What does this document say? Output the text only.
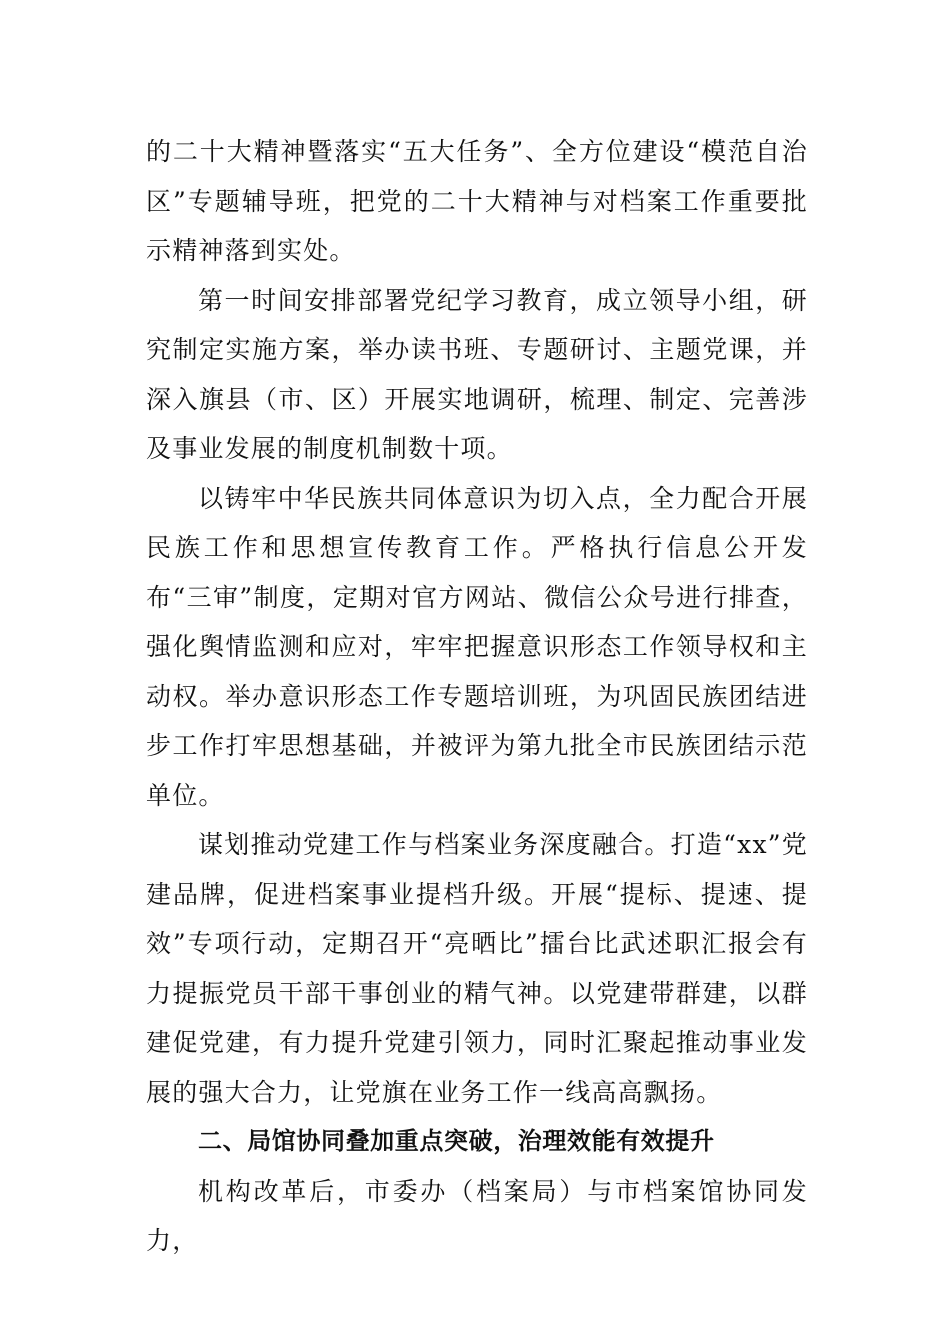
的二十大精神暨落实“五大任务”、全方位建设“模范自治区”专题辅导班，把党的二十大精神与对档案工作重要批示精神落到实处。

第一时间安排部署党纪学习教育，成立领导小组，研究制定实施方案，举办读书班、专题研讨、主题党课，并深入旗县（市、区）开展实地调研，梳理、制定、完善涉及事业发展的制度机制数十项。

以铸牢中华民族共同体意识为切入点，全力配合开展民族工作和思想宣传教育工作。严格执行信息公开发布“三审”制度，定期对官方网站、微信公众号进行排查，强化舆情监测和应对，牢牢把握意识形态工作领导权和主动权。举办意识形态工作专题培训班，为巩固民族团结进步工作打牢思想基础，并被评为第九批全市民族团结示范单位。

谋划推动党建工作与档案业务深度融合。打造“xx”党建品牌，促进档案事业提档升级。开展“提标、提速、提效”专项行动，定期召开“亮晒比”擂台比武述职汇报会有力提振党员干部干事创业的精气神。以党建带群建，以群建促党建，有力提升党建引领力，同时汇聚起推动事业发展的强大合力，让党旗在业务工作一线高高飘扬。

二、局馆协同叠加重点突破，治理效能有效提升

机构改革后，市委办（档案局）与市档案馆协同发力，
